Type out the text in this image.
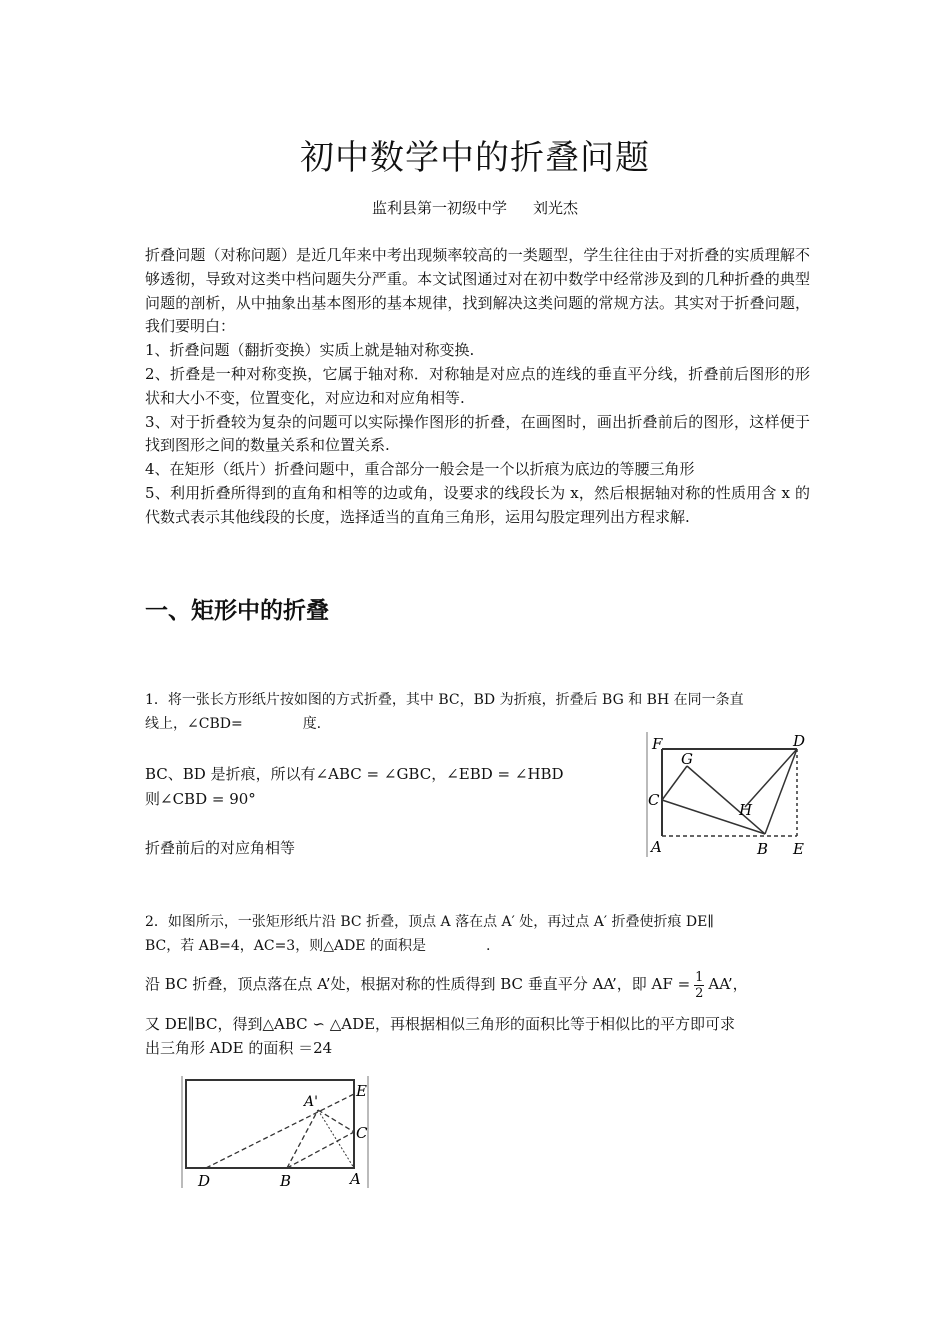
初中数学中的折叠问题
监利县第一初级中学 刘光杰

折叠问题（对称问题）是近几年来中考出现频率较高的一类题型，学生往往由于对折叠的实质理解不够透彻，导致对这类中档问题失分严重。本文试图通过对在初中数学中经常涉及到的几种折叠的典型问题的剖析，从中抽象出基本图形的基本规律，找到解决这类问题的常规方法。其实对于折叠问题，我们要明白：

1、折叠问题（翻折变换）实质上就是轴对称变换.

2、折叠是一种对称变换，它属于轴对称．对称轴是对应点的连线的垂直平分线，折叠前后图形的形状和大小不变，位置变化，对应边和对应角相等.

3、对于折叠较为复杂的问题可以实际操作图形的折叠，在画图时，画出折叠前后的图形，这样便于找到图形之间的数量关系和位置关系.

4、在矩形（纸片）折叠问题中，重合部分一般会是一个以折痕为底边的等腰三角形

5、利用折叠所得到的直角和相等的边或角，设要求的线段长为 x，然后根据轴对称的性质用含 x 的代数式表示其他线段的长度，选择适当的直角三角形，运用勾股定理列出方程求解.

一、矩形中的折叠

1．将一张长方形纸片按如图的方式折叠，其中 BC，BD 为折痕，折叠后 BG 和 BH 在同一条直

线上，∠CBD=	度.

BC、BD 是折痕，所以有∠ABC = ∠GBC，∠EBD = ∠HBD

则∠CBD = 90°

折叠前后的对应角相等

F	D
G
C
H
A	B E

2．如图所示，一张矩形纸片沿 BC 折叠，顶点 A 落在点 A′ 处，再过点 A′ 折叠使折痕 DE∥

BC，若 AB=4，AC=3，则△ADE 的面积是	.

沿 BC 折叠，顶点落在点 A’处，根据对称的性质得到 BC 垂直平分 AA’，即 AF = $\frac{1}{2}$ AA’，

又 DE∥BC，得到△ABC ∽ △ADE，再根据相似三角形的面积比等于相似比的平方即可求

出三角形 ADE 的面积 ＝24

E
A'
C
D	B	A
